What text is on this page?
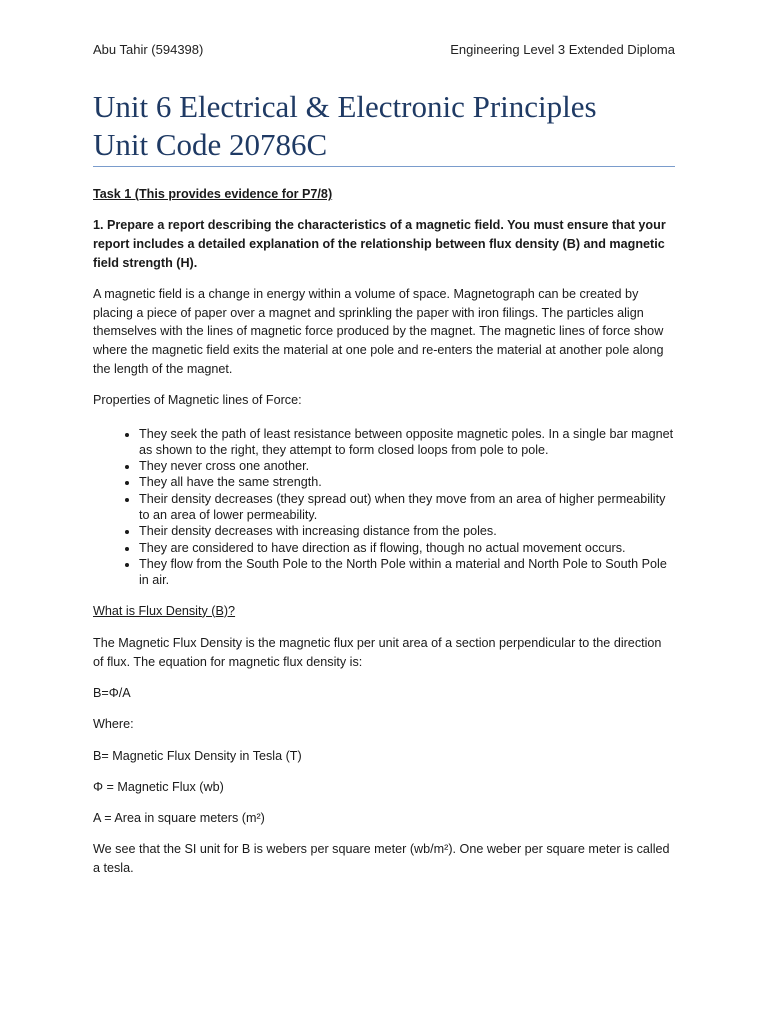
Abu Tahir (594398)	Engineering Level 3 Extended Diploma
Unit 6 Electrical & Electronic Principles
Unit Code 20786C

Task 1 (This provides evidence for P7/8)

1. Prepare a report describing the characteristics of a magnetic field. You must ensure that your report includes a detailed explanation of the relationship between flux density (B) and magnetic field strength (H).

A magnetic field is a change in energy within a volume of space. Magnetograph can be created by placing a piece of paper over a magnet and sprinkling the paper with iron filings. The particles align themselves with the lines of magnetic force produced by the magnet. The magnetic lines of force show where the magnetic field exits the material at one pole and re-enters the material at another pole along the length of the magnet.

Properties of Magnetic lines of Force:

• They seek the path of least resistance between opposite magnetic poles. In a single bar magnet as shown to the right, they attempt to form closed loops from pole to pole.
• They never cross one another.
• They all have the same strength.
• Their density decreases (they spread out) when they move from an area of higher permeability to an area of lower permeability.
• Their density decreases with increasing distance from the poles.
• They are considered to have direction as if flowing, though no actual movement occurs.
• They flow from the South Pole to the North Pole within a material and North Pole to South Pole in air.

What is Flux Density (B)?

The Magnetic Flux Density is the magnetic flux per unit area of a section perpendicular to the direction of flux. The equation for magnetic flux density is:

B=Φ/A

Where:

B= Magnetic Flux Density in Tesla (T)

Φ = Magnetic Flux (wb)

A = Area in square meters (m²)

We see that the SI unit for B is webers per square meter (wb/m²). One weber per square meter is called a tesla.
